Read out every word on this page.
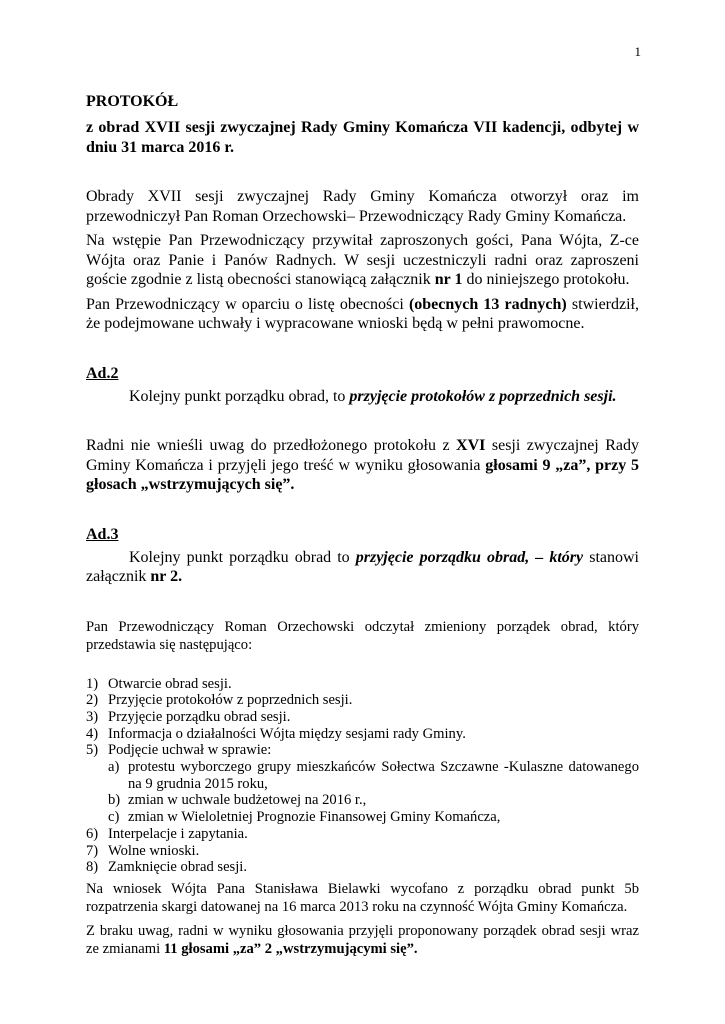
1

PROTOKÓŁ

z obrad XVII sesji zwyczajnej Rady Gminy Komańcza VII kadencji, odbytej w dniu 31 marca 2016 r.

Obrady XVII sesji zwyczajnej Rady Gminy Komańcza otworzył oraz im przewodniczył Pan Roman Orzechowski– Przewodniczący Rady Gminy Komańcza.

Na wstępie Pan Przewodniczący przywitał zaproszonych gości, Pana Wójta, Z-ce Wójta oraz Panie i Panów Radnych. W sesji uczestniczyli radni oraz zaproszeni goście zgodnie z listą obecności stanowiącą załącznik nr 1 do niniejszego protokołu.

Pan Przewodniczący w oparciu o listę obecności (obecnych 13 radnych) stwierdził, że podejmowane uchwały i wypracowane wnioski będą w pełni prawomocne.

Ad.2

Kolejny punkt porządku obrad, to przyjęcie protokołów z poprzednich sesji.

Radni nie wnieśli uwag do przedłożonego protokołu z XVI sesji zwyczajnej Rady Gminy Komańcza i przyjęli jego treść w wyniku głosowania głosami 9 „za”, przy 5 głosach „wstrzymujących się”.

Ad.3

Kolejny punkt porządku obrad to przyjęcie porządku obrad, – który stanowi załącznik nr 2.

Pan Przewodniczący Roman Orzechowski odczytał zmieniony porządek obrad, który przedstawia się następująco:

1) Otwarcie obrad sesji.
2) Przyjęcie protokołów z poprzednich sesji.
3) Przyjęcie porządku obrad sesji.
4) Informacja o działalności Wójta między sesjami rady Gminy.
5) Podjęcie uchwał w sprawie:
a) protestu wyborczego grupy mieszkańców Sołectwa Szczawne -Kulaszne datowanego na 9 grudnia 2015 roku,
b) zmian w uchwale budżetowej na 2016 r.,
c) zmian w Wieloletniej Prognozie Finansowej Gminy Komańcza,
6) Interpelacje i zapytania.
7) Wolne wnioski.
8) Zamknięcie obrad sesji.

Na wniosek Wójta Pana Stanisława Bielawki wycofano z porządku obrad punkt 5b rozpatrzenia skargi datowanej na 16 marca 2013 roku na czynność Wójta Gminy Komańcza.

Z braku uwag, radni w wyniku głosowania przyjęli proponowany porządek obrad sesji wraz ze zmianami 11 głosami „za” 2 „wstrzymującymi się”.
